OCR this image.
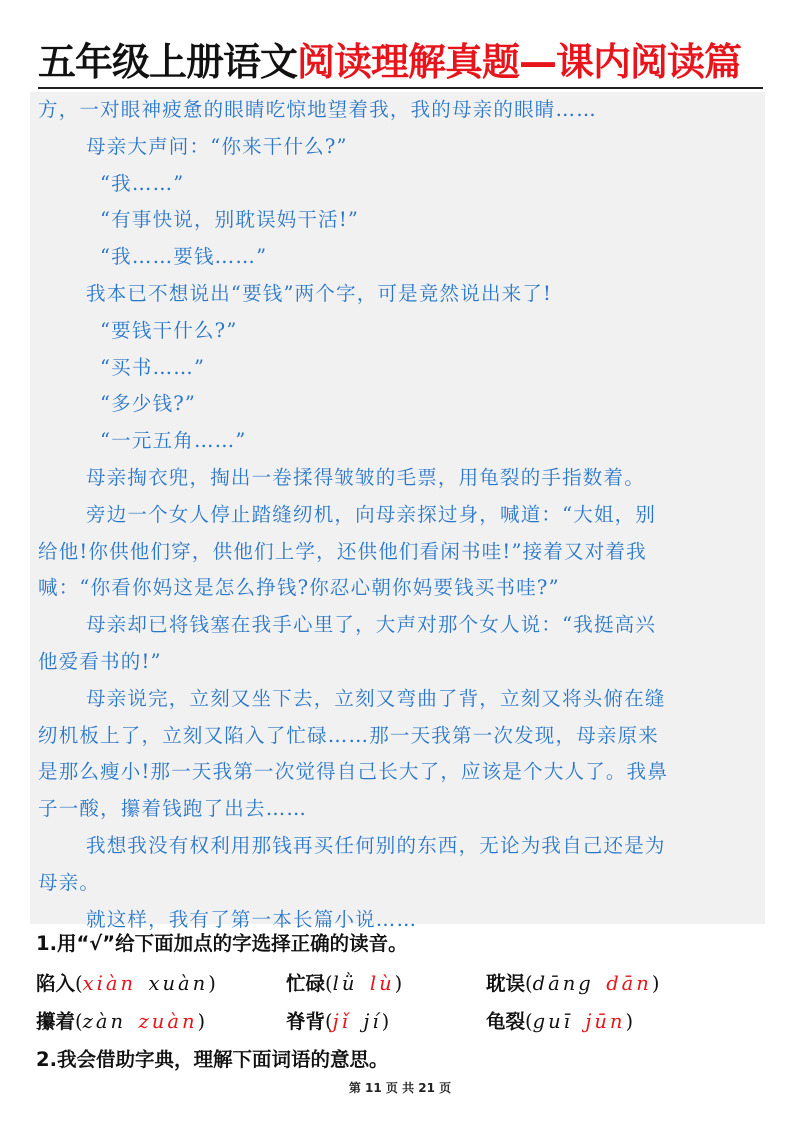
五年级上册语文阅读理解真题—课内阅读篇
方，一对眼神疲惫的眼睛吃惊地望着我，我的母亲的眼睛……
母亲大声问：“你来干什么?”
“我……”
“有事快说，别耽误妈干活!”
“我……要钱……”
我本已不想说出“要钱”两个字，可是竟然说出来了!
“要钱干什么?”
“买书……”
“多少钱?”
“一元五角……”
母亲掏衣兜，掏出一卷揉得皱皱的毛票，用龟裂的手指数着。
旁边一个女人停止踏缝纫机，向母亲探过身，喊道：“大姐，别
给他!你供他们穿，供他们上学，还供他们看闲书哇!”接着又对着我
喊：“你看你妈这是怎么挣钱?你忍心朝你妈要钱买书哇?”
母亲却已将钱塞在我手心里了，大声对那个女人说：“我挺高兴
他爱看书的!”
母亲说完，立刻又坐下去，立刻又弯曲了背，立刻又将头俯在缝
纫机板上了，立刻又陷入了忙碌……那一天我第一次发现，母亲原来
是那么瘦小!那一天我第一次觉得自己长大了，应该是个大人了。我鼻
子一酸，攥着钱跑了出去……
我想我没有权利用那钱再买任何别的东西，无论为我自己还是为
母亲。
就这样，我有了第一本长篇小说……
1.用“√”给下面加点的字选择正确的读音。
陷入(xiàn xuàn)	忙碌(lǜ lù)	耽误(dāng dān)
攥着(zàn zuàn)	脊背(jǐ jí)	龟裂(guī jūn)
2.我会借助字典，理解下面词语的意思。
第 11 页 共 21 页
